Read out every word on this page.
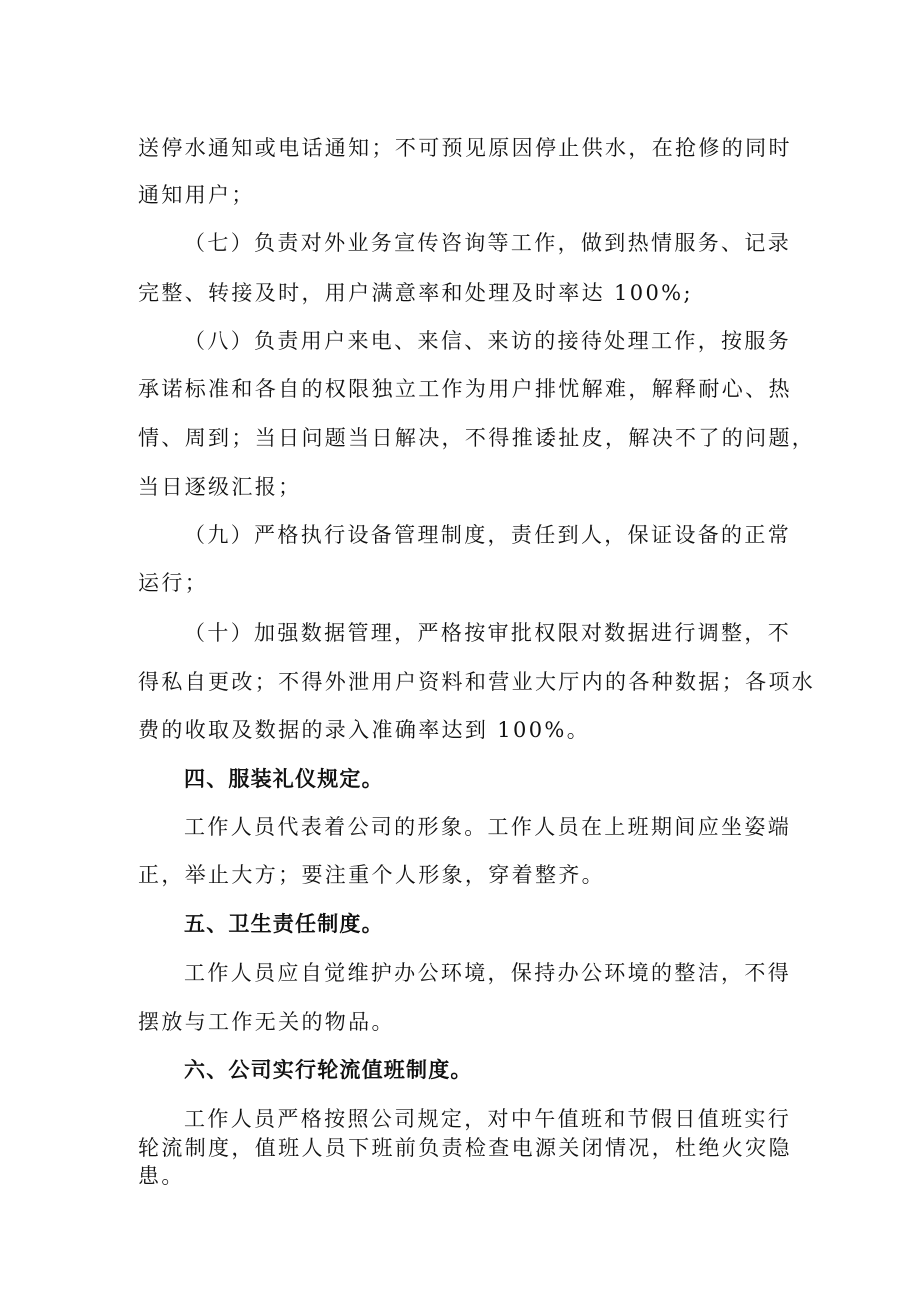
送停水通知或电话通知；不可预见原因停止供水，在抢修的同时
通知用户；
（七）负责对外业务宣传咨询等工作，做到热情服务、记录
完整、转接及时，用户满意率和处理及时率达 100%;
（八）负责用户来电、来信、来访的接待处理工作，按服务
承诺标准和各自的权限独立工作为用户排忧解难，解释耐心、热
情、周到；当日问题当日解决，不得推诿扯皮，解决不了的问题，
当日逐级汇报；
（九）严格执行设备管理制度，责任到人，保证设备的正常
运行；
（十）加强数据管理，严格按审批权限对数据进行调整，不
得私自更改；不得外泄用户资料和营业大厅内的各种数据；各项水
费的收取及数据的录入准确率达到 100%。
四、服装礼仪规定。
工作人员代表着公司的形象。工作人员在上班期间应坐姿端
正，举止大方；要注重个人形象，穿着整齐。
五、卫生责任制度。
工作人员应自觉维护办公环境，保持办公环境的整洁，不得
摆放与工作无关的物品。
六、公司实行轮流值班制度。
工作人员严格按照公司规定，对中午值班和节假日值班实行
轮流制度，值班人员下班前负责检查电源关闭情况，杜绝火灾隐
患。
